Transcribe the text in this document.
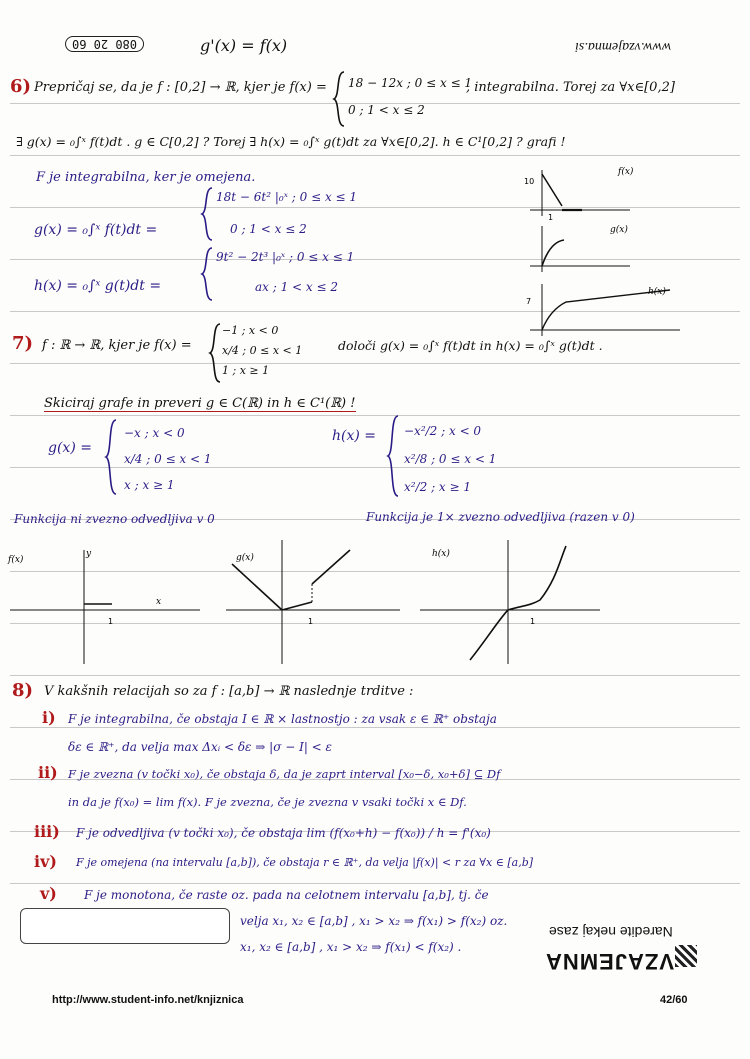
080 20 60	g'(x) = f(x)	www.vzajemna.si
6) Prepričaj se, da je f : [0,2] → ℝ, kjer je f(x) = 18 − 12x ; 0 ≤ x ≤ 1
0 ; 1 < x ≤ 2
, integrabilna. Torej za ∀x∈[0,2]
∃ g(x) = ₀∫ˣ f(t)dt . g ∈ C[0,2] ? Torej ∃ h(x) = ₀∫ˣ g(t)dt za ∀x∈[0,2]. h ∈ C¹[0,2] ? grafi !
F je integrabilna, ker je omejena.
g(x) = ₀∫ˣ f(t)dt =
18t − 6t² |₀ˣ ; 0 ≤ x ≤ 1
0 ; 1 < x ≤ 2
h(x) = ₀∫ˣ g(t)dt =
9t² − 2t³ |₀ˣ ; 0 ≤ x ≤ 1
ax ; 1 < x ≤ 2
10
f(x)
g(x)
7
h(x)
1
7) f : ℝ → ℝ, kjer je f(x) =
−1 ; x < 0
x/4 ; 0 ≤ x < 1
1 ; x ≥ 1
določi g(x) = ₀∫ˣ f(t)dt in h(x) = ₀∫ˣ g(t)dt .
Skiciraj grafe in preveri g ∈ C(ℝ) in h ∈ C¹(ℝ) !
g(x) =
−x ; x < 0
x/4 ; 0 ≤ x < 1
x ; x ≥ 1
h(x) = −x²/2 ; x < 0
x²/8 ; 0 ≤ x < 1
x²/2 ; x ≥ 1
Funkcija ni zvezno odvedljiva v 0	Funkcija je 1× zvezno odvedljiva (razen v 0)
f(x)
y
x
1
g(x)
1
h(x)
1
8) V kakšnih relacijah so za f : [a,b] → ℝ naslednje trditve :
i) F je integrabilna, če obstaja I ∈ ℝ × lastnostjo : za vsak ε ∈ ℝ⁺ obstaja
δε ∈ ℝ⁺, da velja max Δxᵢ < δε ⇒ |σ − I| < ε
ii) F je zvezna (v točki x₀), če obstaja δ, da je zaprt interval [x₀−δ, x₀+δ] ⊆ Df
in da je f(x₀) = lim f(x). F je zvezna, če je zvezna v vsaki točki x ∈ Df.
iii) F je odvedljiva (v točki x₀), če obstaja lim (f(x₀+h) − f(x₀)) / h = f'(x₀)
iv) F je omejena (na intervalu [a,b]), če obstaja r ∈ ℝ⁺, da velja |f(x)| < r za ∀x ∈ [a,b]
v) F je monotona, če raste oz. pada na celotnem intervalu [a,b], tj. če
velja x₁, x₂ ∈ [a,b] , x₁ > x₂ ⇒ f(x₁) > f(x₂) oz.
x₁, x₂ ∈ [a,b] , x₁ > x₂ ⇒ f(x₁) < f(x₂) .
VZAJEMNA
Naredite nekaj zase
http://www.student-info.net/knjiznica	42/60
